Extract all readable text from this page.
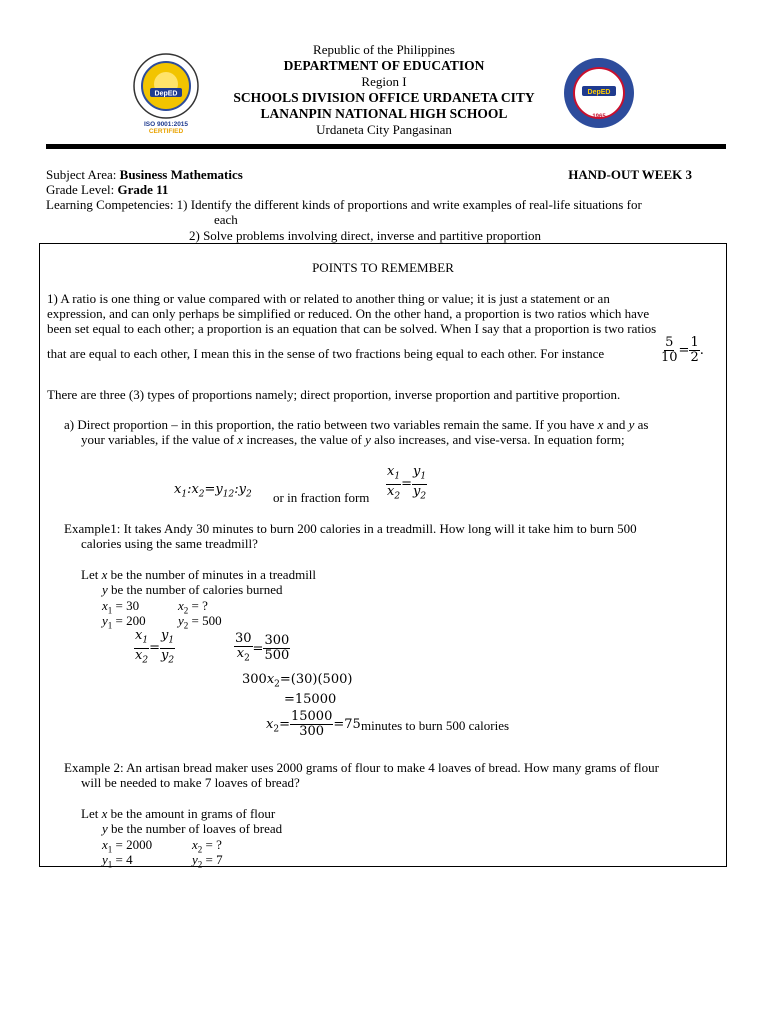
Republic of the Philippines
DEPARTMENT OF EDUCATION
Region I
SCHOOLS DIVISION OFFICE URDANETA CITY
LANANPIN NATIONAL HIGH SCHOOL
Urdaneta City Pangasinan
DepED
ISO 9001:2015
CERTIFIED
DepED
1965
Subject Area: Business Mathematics	HAND-OUT WEEK 3
Grade Level: Grade 11
Learning Competencies: 1) Identify the different kinds of proportions and write examples of real-life situations for
each
2) Solve problems involving direct, inverse and partitive proportion
POINTS TO REMEMBER
1) A ratio is one thing or value compared with or related to another thing or value; it is just a statement or an
expression, and can only perhaps be simplified or reduced. On the other hand, a proportion is two ratios which have
been set equal to each other; a proportion is an equation that can be solved. When I say that a proportion is two ratios
that are equal to each other, I mean this in the sense of two fractions being equal to each other. For instance	$\frac{5}{10} = \frac{1}{2}$ .
There are three (3) types of proportions namely; direct proportion, inverse proportion and partitive proportion.
a) Direct proportion – in this proportion, the ratio between two variables remain the same. If you have x and y as
your variables, if the value of x increases, the value of y also increases, and vise-versa. In equation form;
$x_1:x_2=y_{12}:y_2$ or in fraction form $\frac{x_1}{x_2} = \frac{y_1}{y_2}$
Example1: It takes Andy 30 minutes to burn 200 calories in a treadmill. How long will it take him to burn 500
calories using the same treadmill?
Let x be the number of minutes in a treadmill
y be the number of calories burned
$x_1 = 30$	$x_2$ = ?
$y_1 = 200$ $y_2 = 500$
$\frac{x_1}{x_2} = \frac{y_1}{y_2}$	$\frac{30}{x_2} = \frac{300}{500}$
$300x_2=(30)(500)$
=15000
$x_2= \frac{15000}{300} =75$ minutes to burn 500 calories
Example 2: An artisan bread maker uses 2000 grams of flour to make 4 loaves of bread. How many grams of flour
will be needed to make 7 loaves of bread?
Let x be the amount in grams of flour
y be the number of loaves of bread
$x_1 = 2000$	$x_2$ = ?
$y_1 = 4$	$y_2 = 7$
